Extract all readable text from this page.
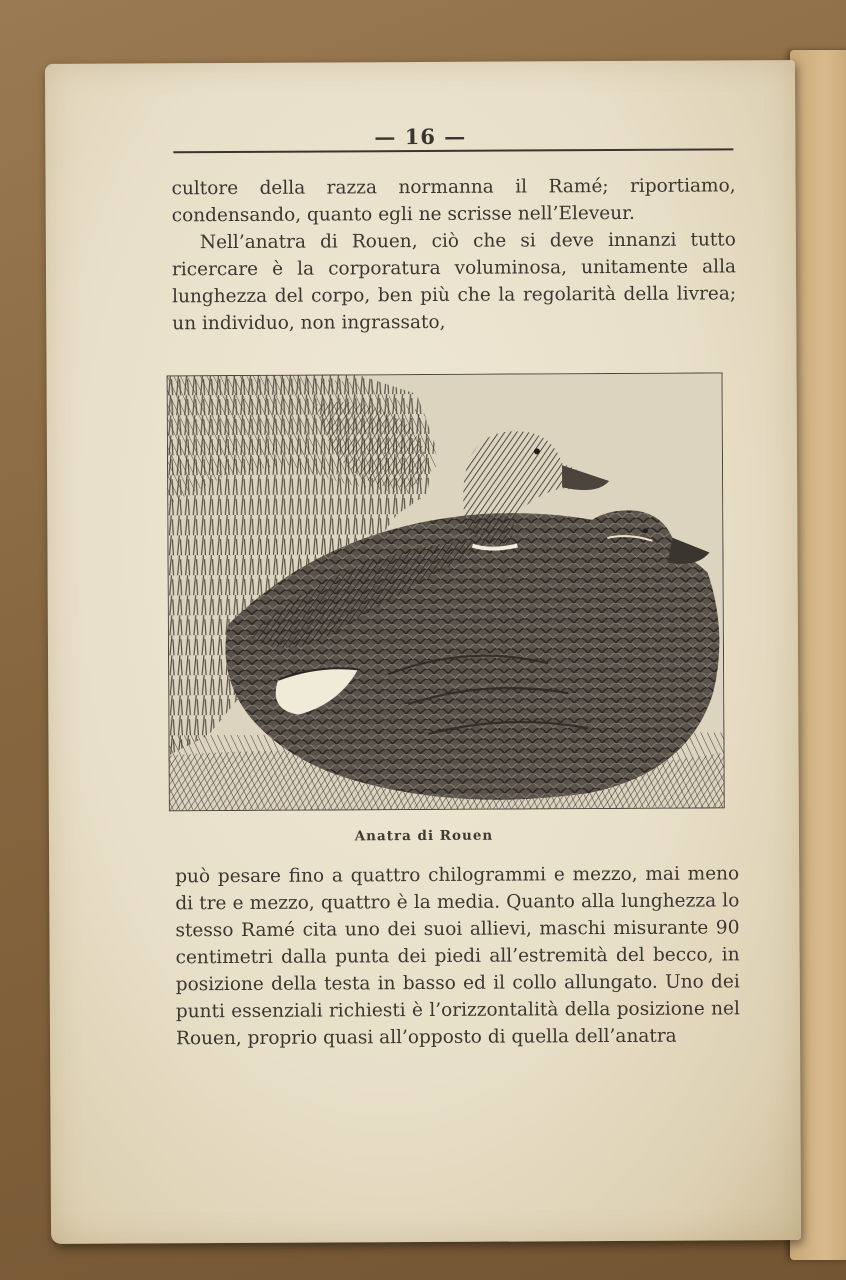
— 16 —

cultore della razza normanna il Ramé; riportiamo, condensando, quanto egli ne scrisse nell’Eleveur.

Nell’anatra di Rouen, ciò che si deve innanzi tutto ricercare è la corporatura voluminosa, unitamente alla lunghezza del corpo, ben più che la regolarità della livrea; un individuo, non ingrassato,

Anatra di Rouen

può pesare fino a quattro chilogrammi e mezzo, mai meno di tre e mezzo, quattro è la media. Quanto alla lunghezza lo stesso Ramé cita uno dei suoi allievi, maschi misurante 90 centimetri dalla punta dei piedi all’estremità del becco, in posizione della testa in basso ed il collo allungato. Uno dei punti essenziali richiesti è l’orizzontalità della posizione nel Rouen, proprio quasi all’opposto di quella dell’anatra
